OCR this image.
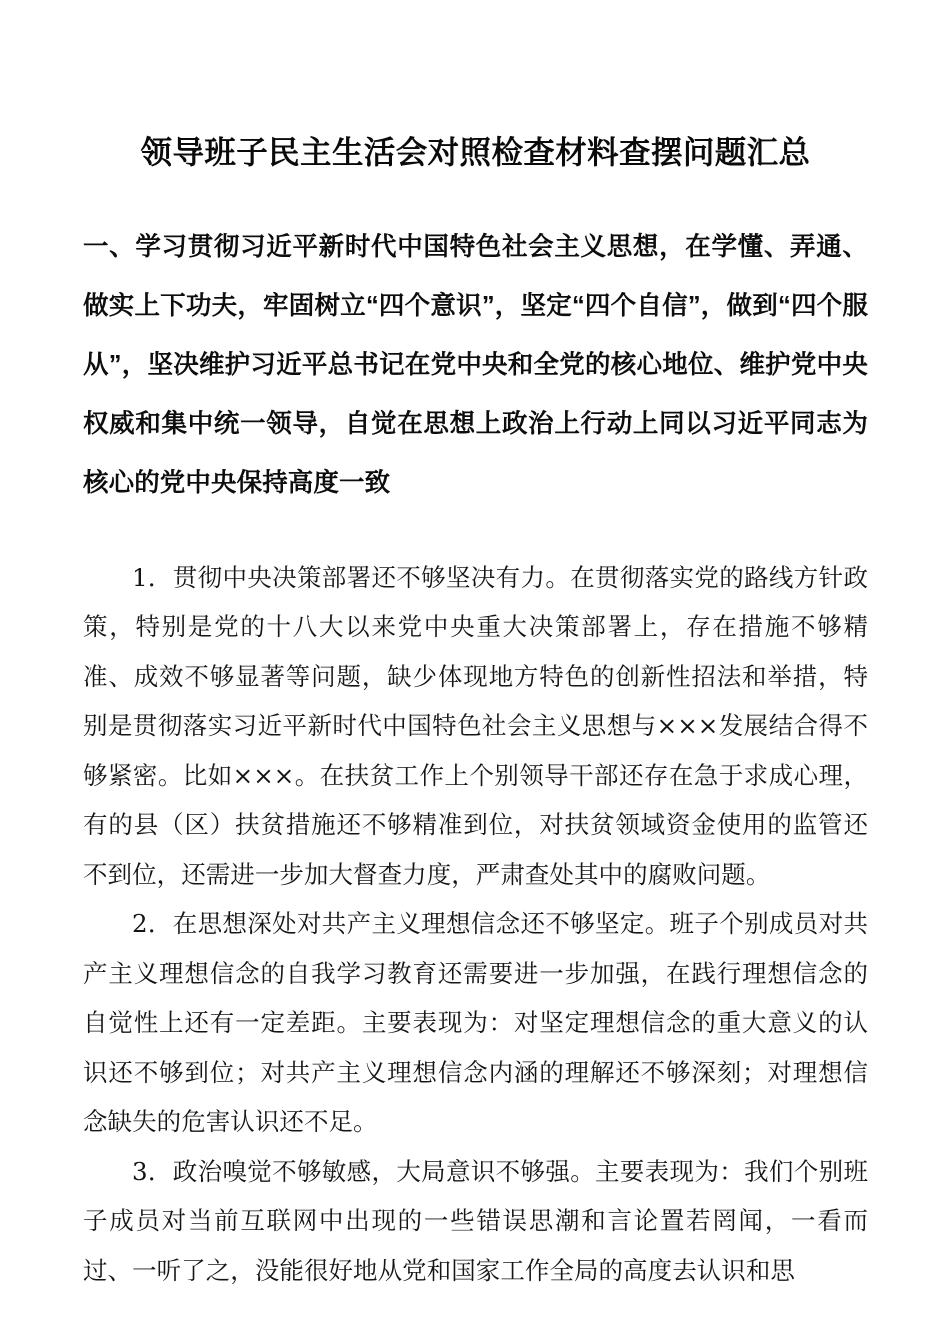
领导班子民主生活会对照检查材料查摆问题汇总
一、学习贯彻习近平新时代中国特色社会主义思想，在学懂、弄通、做实上下功夫，牢固树立“四个意识”，坚定“四个自信”，做到“四个服从”，坚决维护习近平总书记在党中央和全党的核心地位、维护党中央权威和集中统一领导，自觉在思想上政治上行动上同以习近平同志为核心的党中央保持高度一致

1．贯彻中央决策部署还不够坚决有力。在贯彻落实党的路线方针政策，特别是党的十八大以来党中央重大决策部署上，存在措施不够精准、成效不够显著等问题，缺少体现地方特色的创新性招法和举措，特别是贯彻落实习近平新时代中国特色社会主义思想与×××发展结合得不够紧密。比如×××。在扶贫工作上个别领导干部还存在急于求成心理，有的县（区）扶贫措施还不够精准到位，对扶贫领域资金使用的监管还不到位，还需进一步加大督查力度，严肃查处其中的腐败问题。

2．在思想深处对共产主义理想信念还不够坚定。班子个别成员对共产主义理想信念的自我学习教育还需要进一步加强，在践行理想信念的自觉性上还有一定差距。主要表现为：对坚定理想信念的重大意义的认识还不够到位；对共产主义理想信念内涵的理解还不够深刻；对理想信念缺失的危害认识还不足。

3．政治嗅觉不够敏感，大局意识不够强。主要表现为：我们个别班子成员对当前互联网中出现的一些错误思潮和言论置若罔闻，一看而过、一听了之，没能很好地从党和国家工作全局的高度去认识和思
